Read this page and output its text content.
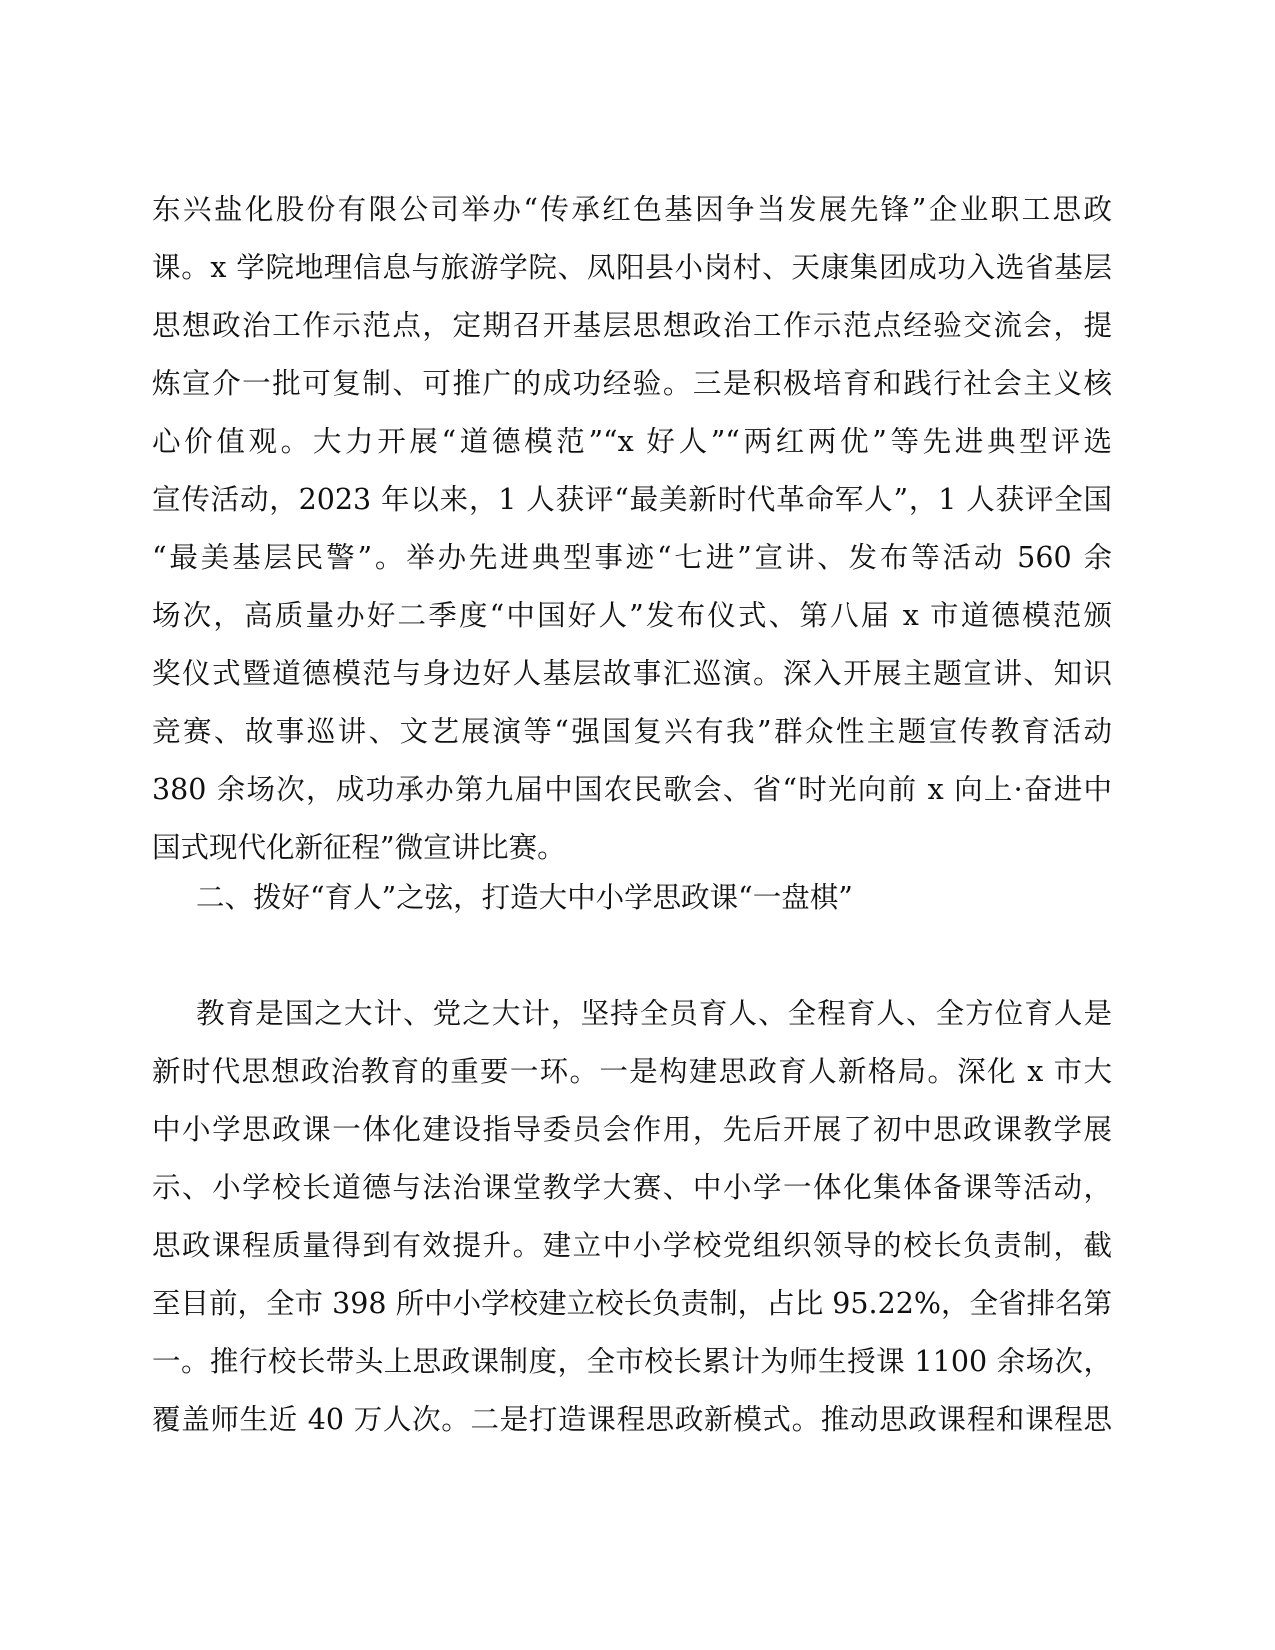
东兴盐化股份有限公司举办“传承红色基因争当发展先锋”企业职工思政
课。x 学院地理信息与旅游学院、凤阳县小岗村、天康集团成功入选省基层
思想政治工作示范点，定期召开基层思想政治工作示范点经验交流会，提
炼宣介一批可复制、可推广的成功经验。三是积极培育和践行社会主义核
心价值观。大力开展“道德模范”“x 好人”“两红两优”等先进典型评选
宣传活动，2023 年以来，1 人获评“最美新时代革命军人”，1 人获评全国
“最美基层民警”。举办先进典型事迹“七进”宣讲、发布等活动 560 余
场次，高质量办好二季度“中国好人”发布仪式、第八届 x 市道德模范颁
奖仪式暨道德模范与身边好人基层故事汇巡演。深入开展主题宣讲、知识
竞赛、故事巡讲、文艺展演等“强国复兴有我”群众性主题宣传教育活动
380 余场次，成功承办第九届中国农民歌会、省“时光向前 x 向上·奋进中
国式现代化新征程”微宣讲比赛。
二、拨好“育人”之弦，打造大中小学思政课“一盘棋”
教育是国之大计、党之大计，坚持全员育人、全程育人、全方位育人是
新时代思想政治教育的重要一环。一是构建思政育人新格局。深化 x 市大
中小学思政课一体化建设指导委员会作用，先后开展了初中思政课教学展
示、小学校长道德与法治课堂教学大赛、中小学一体化集体备课等活动，
思政课程质量得到有效提升。建立中小学校党组织领导的校长负责制，截
至目前，全市 398 所中小学校建立校长负责制，占比 95.22%，全省排名第
一。推行校长带头上思政课制度，全市校长累计为师生授课 1100 余场次，
覆盖师生近 40 万人次。二是打造课程思政新模式。推动思政课程和课程思
